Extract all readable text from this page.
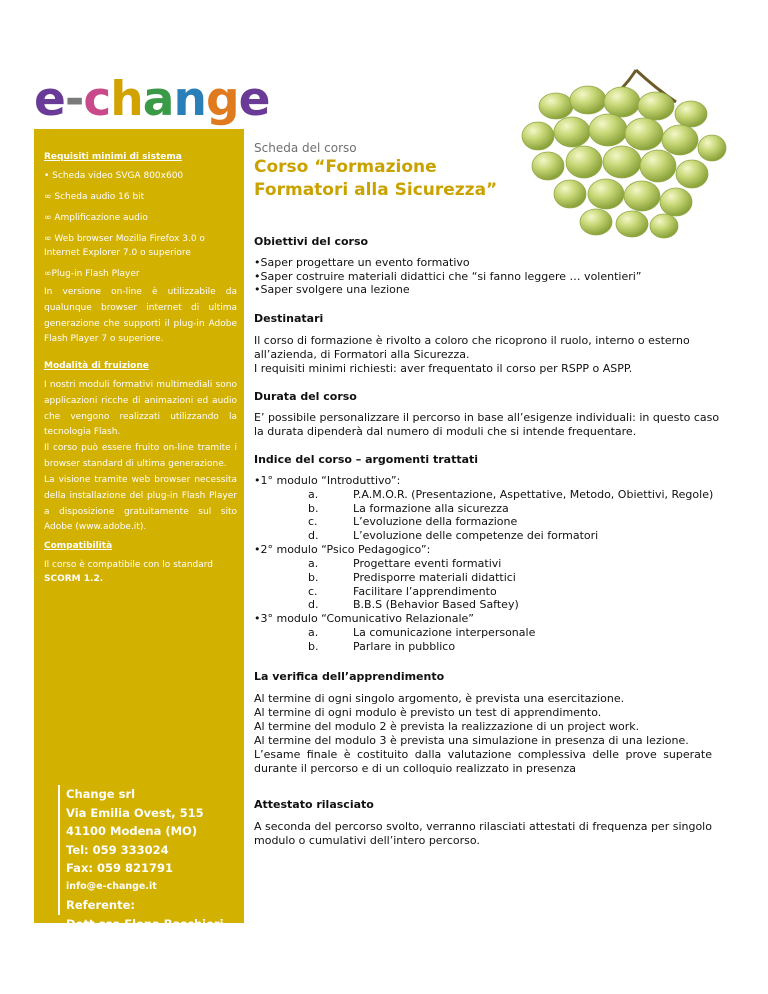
e-change
Requisiti minimi di sistema
• Scheda video SVGA 800x600
∞ Scheda audio 16 bit
∞ Amplificazione audio
∞ Web browser Mozilla Firefox 3.0 o
Internet Explorer 7.0 o superiore
∞Plug-in Flash Player
In versione on-line è utilizzabile da qualunque browser internet di ultima generazione che supporti il plug-in Adobe Flash Player 7 o superiore.
Modalità di fruizione
I nostri moduli formativi multimediali sono applicazioni ricche di animazioni ed audio che vengono realizzati utilizzando la tecnologia Flash.
Il corso può essere fruito on-line tramite i browser standard di ultima generazione.
La visione tramite web browser necessita della installazione del plug-in Flash Player a disposizione gratuitamente sul sito Adobe (www.adobe.it).
Compatibilità
Il corso è compatibile con lo standard
SCORM 1.2.
Change srl
Via Emilia Ovest, 515
41100 Modena (MO)
Tel: 059 333024
Fax: 059 821791
info@e-change.it
Referente:
Dott.ssa Elena Baschieri
Scheda del corso
Corso “Formazione
Formatori alla Sicurezza”
Obiettivi del corso
•Saper progettare un evento formativo
•Saper costruire materiali didattici che “si fanno leggere … volentieri”
•Saper svolgere una lezione
Destinatari
Il corso di formazione è rivolto a coloro che ricoprono il ruolo, interno o esterno
all’azienda, di Formatori alla Sicurezza.
I requisiti minimi richiesti: aver frequentato il corso per RSPP o ASPP.
Durata del corso
E’ possibile personalizzare il percorso in base all’esigenze individuali: in questo caso
la durata dipenderà dal numero di moduli che si intende frequentare.
Indice del corso – argomenti trattati
•1° modulo “Introduttivo”:
a.	P.A.M.O.R. (Presentazione, Aspettative, Metodo, Obiettivi, Regole)
b.	La formazione alla sicurezza
c.	L’evoluzione della formazione
d.	L’evoluzione delle competenze dei formatori
•2° modulo “Psico Pedagogico”:
a.	Progettare eventi formativi
b.	Predisporre materiali didattici
c.	Facilitare l’apprendimento
d.	B.B.S (Behavior Based Saftey)
•3° modulo “Comunicativo Relazionale”
a.	La comunicazione interpersonale
b.	Parlare in pubblico
La verifica dell’apprendimento
Al termine di ogni singolo argomento, è prevista una esercitazione.
Al termine di ogni modulo è previsto un test di apprendimento.
Al termine del modulo 2 è prevista la realizzazione di un project work.
Al termine del modulo 3 è prevista una simulazione in presenza di una lezione.
L’esame finale è costituito dalla valutazione complessiva delle prove superate durante il percorso e di un colloquio realizzato in presenza
Attestato rilasciato
A seconda del percorso svolto, verranno rilasciati attestati di frequenza per singolo
modulo o cumulativi dell’intero percorso.
